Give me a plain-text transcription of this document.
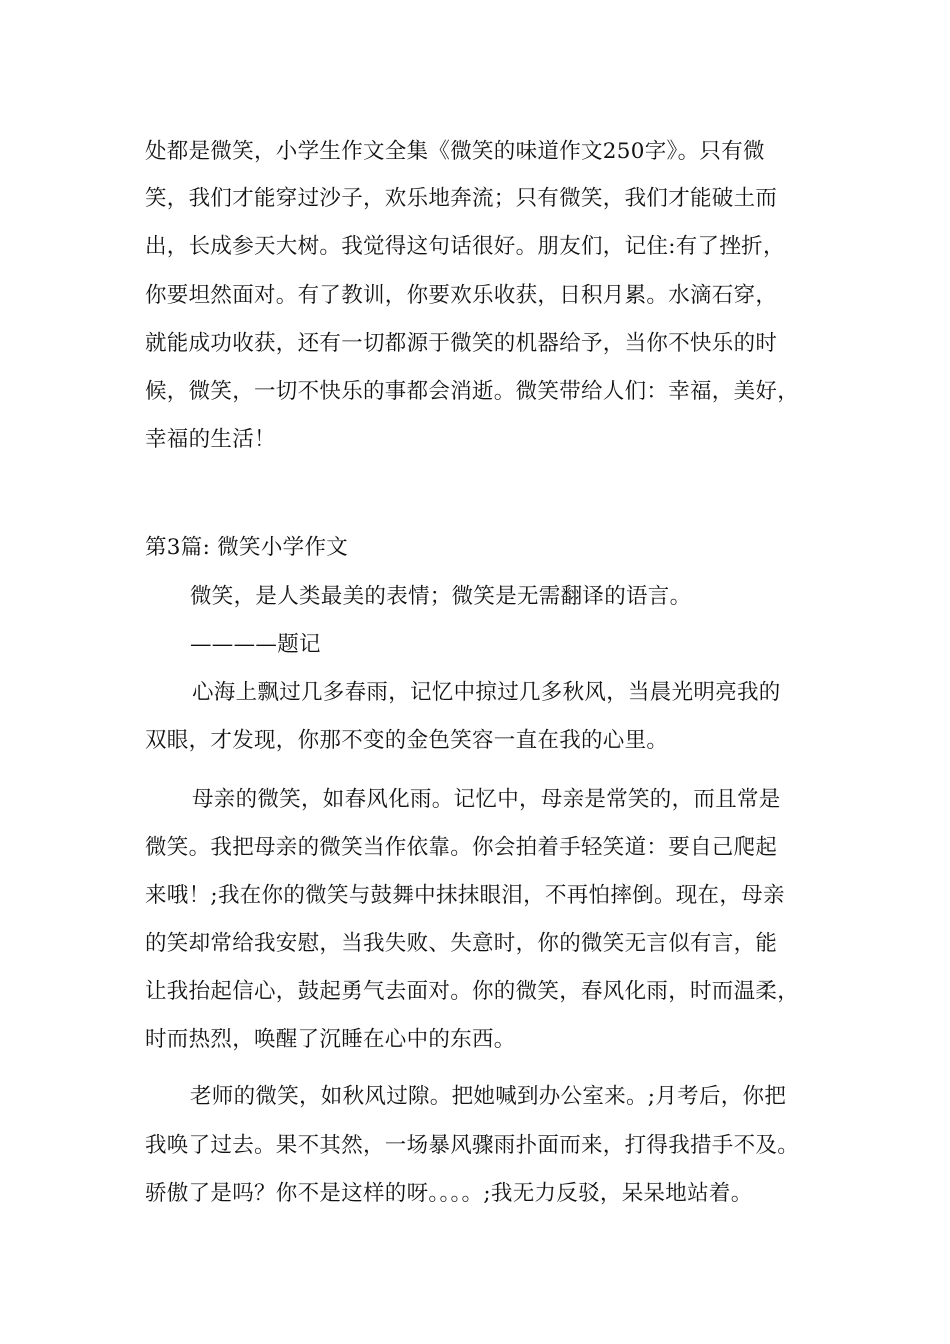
处都是微笑，小学生作文全集《微笑的味道作文250字》。只有微
笑，我们才能穿过沙子，欢乐地奔流；只有微笑，我们才能破土而
出，长成参天大树。我觉得这句话很好。朋友们，记住:有了挫折，
你要坦然面对。有了教训，你要欢乐收获，日积月累。水滴石穿，
就能成功收获，还有一切都源于微笑的机器给予，当你不快乐的时
候，微笑，一切不快乐的事都会消逝。微笑带给人们：幸福，美好，
幸福的生活！
第3篇: 微笑小学作文
微笑，是人类最美的表情；微笑是无需翻译的语言。
————题记
心海上飘过几多春雨，记忆中掠过几多秋风，当晨光明亮我的
双眼，才发现，你那不变的金色笑容一直在我的心里。
母亲的微笑，如春风化雨。记忆中，母亲是常笑的，而且常是
微笑。我把母亲的微笑当作依靠。你会拍着手轻笑道：要自己爬起
来哦！;我在你的微笑与鼓舞中抹抹眼泪，不再怕摔倒。现在，母亲
的笑却常给我安慰，当我失败、失意时，你的微笑无言似有言，能
让我抬起信心，鼓起勇气去面对。你的微笑，春风化雨，时而温柔，
时而热烈，唤醒了沉睡在心中的东西。
老师的微笑，如秋风过隙。把她喊到办公室来。;月考后，你把
我唤了过去。果不其然，一场暴风骤雨扑面而来，打得我措手不及。
骄傲了是吗？你不是这样的呀。。。。;我无力反驳，呆呆地站着。
